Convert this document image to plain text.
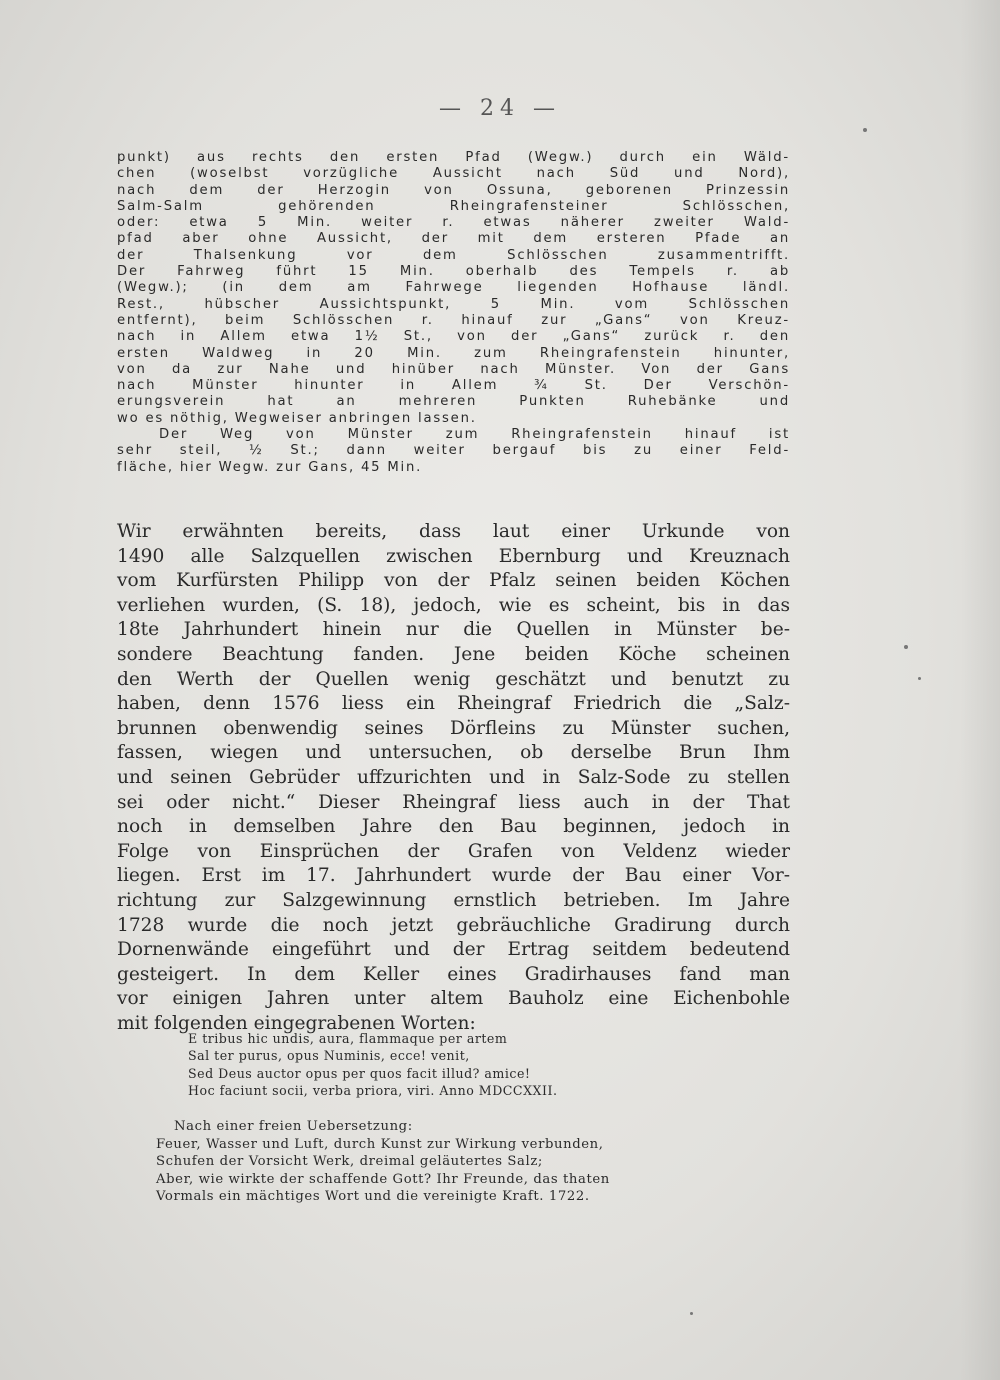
— 24 —
punkt) aus rechts den ersten Pfad (Wegw.) durch ein Wäld-
chen (woselbst vorzügliche Aussicht nach Süd und Nord),
nach dem der Herzogin von Ossuna, geborenen Prinzessin
Salm-Salm gehörenden Rheingrafensteiner Schlösschen,
oder: etwa 5 Min. weiter r. etwas näherer zweiter Wald-
pfad aber ohne Aussicht, der mit dem ersteren Pfade an
der Thalsenkung vor dem Schlösschen zusammentrifft.
Der Fahrweg führt 15 Min. oberhalb des Tempels r. ab
(Wegw.); (in dem am Fahrwege liegenden Hofhause ländl.
Rest., hübscher Aussichtspunkt, 5 Min. vom Schlösschen
entfernt), beim Schlösschen r. hinauf zur „Gans“ von Kreuz-
nach in Allem etwa 1½ St., von der „Gans“ zurück r. den
ersten Waldweg in 20 Min. zum Rheingrafenstein hinunter,
von da zur Nahe und hinüber nach Münster. Von der Gans
nach Münster hinunter in Allem ¾ St. Der Verschön-
erungsverein hat an mehreren Punkten Ruhebänke und
wo es nöthig, Wegweiser anbringen lassen.
Der Weg von Münster zum Rheingrafenstein hinauf ist
sehr steil, ½ St.; dann weiter bergauf bis zu einer Feld-
fläche, hier Wegw. zur Gans, 45 Min.
Wir erwähnten bereits, dass laut einer Urkunde von
1490 alle Salzquellen zwischen Ebernburg und Kreuznach
vom Kurfürsten Philipp von der Pfalz seinen beiden Köchen
verliehen wurden, (S. 18), jedoch, wie es scheint, bis in das
18te Jahrhundert hinein nur die Quellen in Münster be-
sondere Beachtung fanden. Jene beiden Köche scheinen
den Werth der Quellen wenig geschätzt und benutzt zu
haben, denn 1576 liess ein Rheingraf Friedrich die „Salz-
brunnen obenwendig seines Dörfleins zu Münster suchen,
fassen, wiegen und untersuchen, ob derselbe Brun Ihm
und seinen Gebrüder uffzurichten und in Salz-Sode zu stellen
sei oder nicht.“ Dieser Rheingraf liess auch in der That
noch in demselben Jahre den Bau beginnen, jedoch in
Folge von Einsprüchen der Grafen von Veldenz wieder
liegen. Erst im 17. Jahrhundert wurde der Bau einer Vor-
richtung zur Salzgewinnung ernstlich betrieben. Im Jahre
1728 wurde die noch jetzt gebräuchliche Gradirung durch
Dornenwände eingeführt und der Ertrag seitdem bedeutend
gesteigert. In dem Keller eines Gradirhauses fand man
vor einigen Jahren unter altem Bauholz eine Eichenbohle
mit folgenden eingegrabenen Worten:
E tribus hic undis, aura, flammaque per artem
Sal ter purus, opus Numinis, ecce! venit,
Sed Deus auctor opus per quos facit illud? amice!
Hoc faciunt socii, verba priora, viri. Anno MDCCXXII.
Nach einer freien Uebersetzung:
Feuer, Wasser und Luft, durch Kunst zur Wirkung verbunden,
Schufen der Vorsicht Werk, dreimal geläutertes Salz;
Aber, wie wirkte der schaffende Gott? Ihr Freunde, das thaten
Vormals ein mächtiges Wort und die vereinigte Kraft. 1722.
